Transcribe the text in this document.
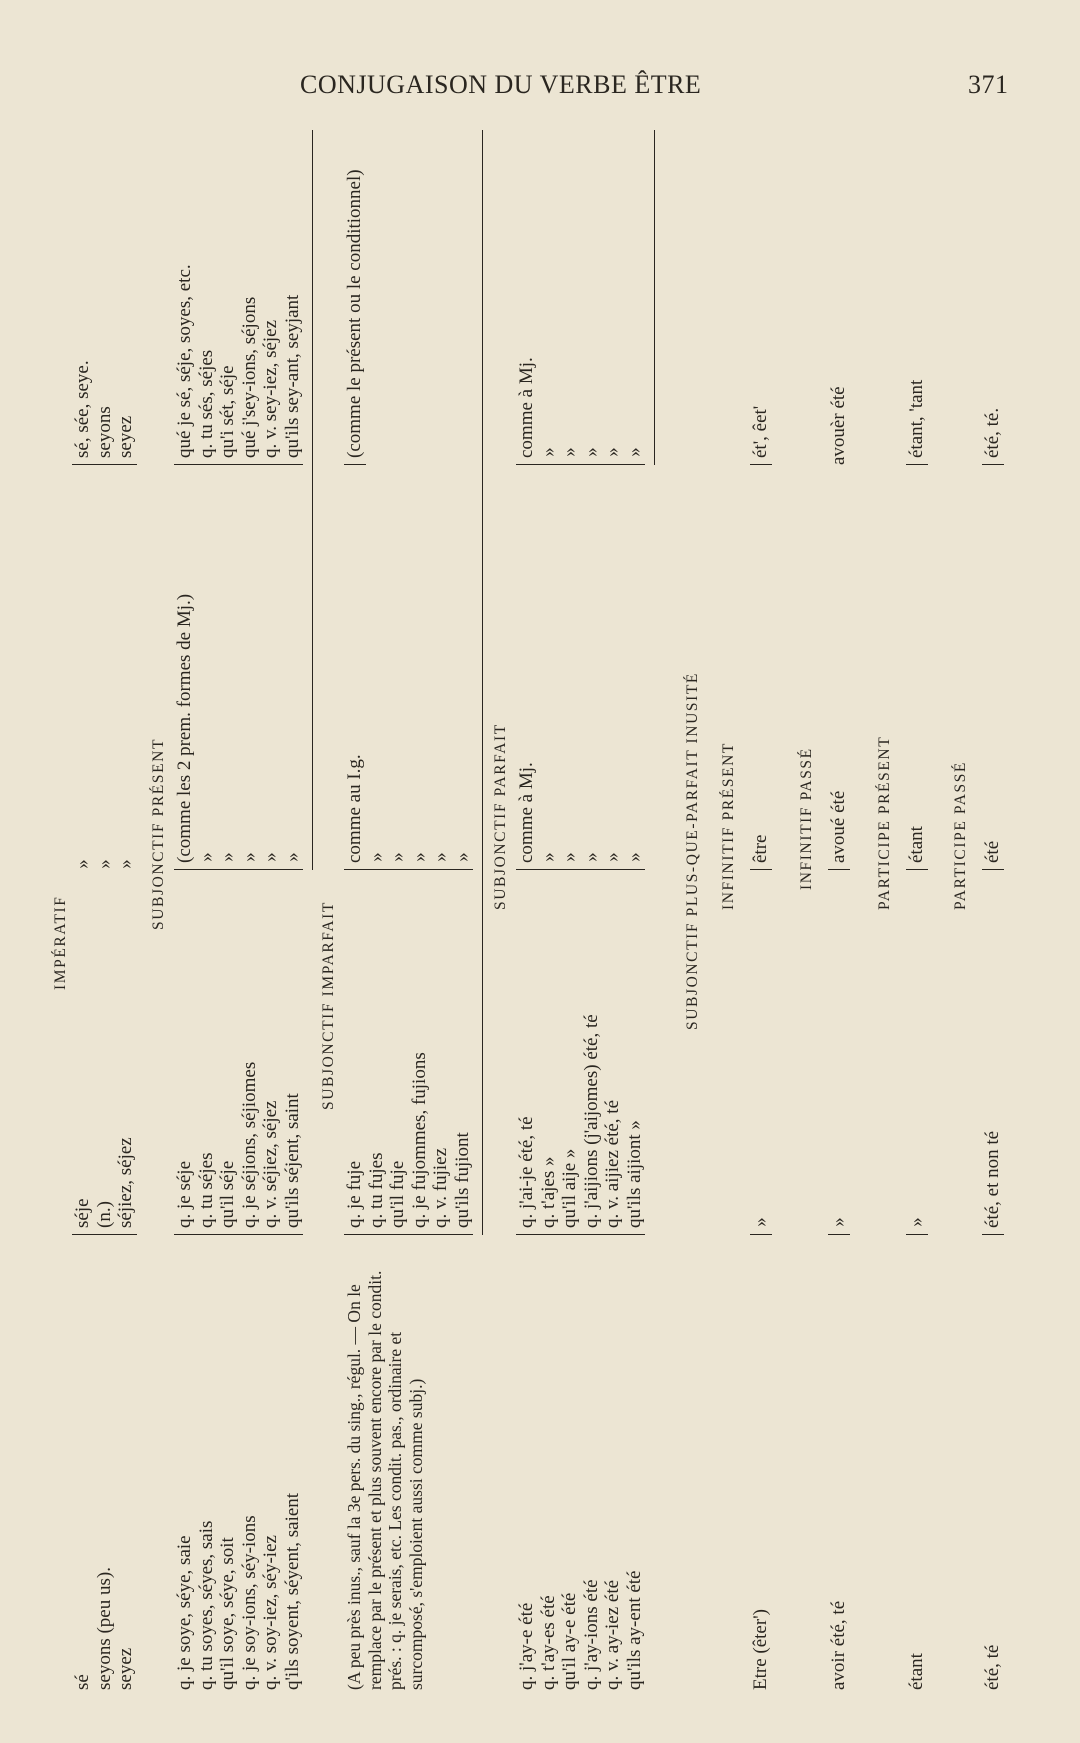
CONJUGAISON DU VERBE ÊTRE	371
IMPÉRATIF
sé seyons (peu us). seyez
séje (n.) séjiez, séjez
» » »
sé, sée, seye. seyons seyez
SUBJONCTIF PRÉSENT
q. je soye, séye, saie q. tu soyes, séyes, sais qu'il soye, séye, soit q. je soy-ions, séy-ions q. v. soy-iez, séy-iez q'ils soyent, séyent, saient
q. je séje q. tu séjes qu'il séje q. je séjions, séjiomes q. v. séjiez, séjez qu'ils séjent, saint
(comme les 2 prem. formes de Mj.) » » » » »
qué je sé, séje, soyes, etc. q. tu sés, séjes qu'i sét, séje qué j'sey-ions, séjons q. v. sey-iez, séjez qu'ils sey-ant, seyjant
SUBJONCTIF IMPARFAIT
(A peu près inus., sauf la 3e pers. du sing., régul. — On le remplace par le présent et plus souvent encore par le condit. prés. : q. je serais, etc. Les condit. pas., ordinaire et surcomposé, s'emploient aussi comme subj.)
q. je fuje q. tu fujes qu'il fuje q. je fujommes, fujions q. v. fujiez qu'ils fujiont
comme au I.g. » » » » »
(comme le présent ou le conditionnel)
SUBJONCTIF PARFAIT
q. j'ay-e été q. t'ay-es été qu'il ay-e été q. j'ay-ions été q. v. ay-iez été qu'ils ay-ent été
q. j'ai-je été, té q. t'ajes » qu'il aije » q. j'aijions (j'aijomes) été, té q. v. aijiez été, té qu'ils aijiont »
comme à Mj. » » » » »
comme à Mj. » » » » »
SUBJONCTIF PLUS-QUE-PARFAIT INUSITÉ INFINITIF PRÉSENT
Etre (êter')
»
être
ét', êet'
INFINITIF PASSÉ
avoir été, té
»
avoué été
avouèr été
PARTICIPE PRÉSENT
étant
»
étant
étant, 'tant
PARTICIPE PASSÉ
été, té
été, et non té
été
été, té.
